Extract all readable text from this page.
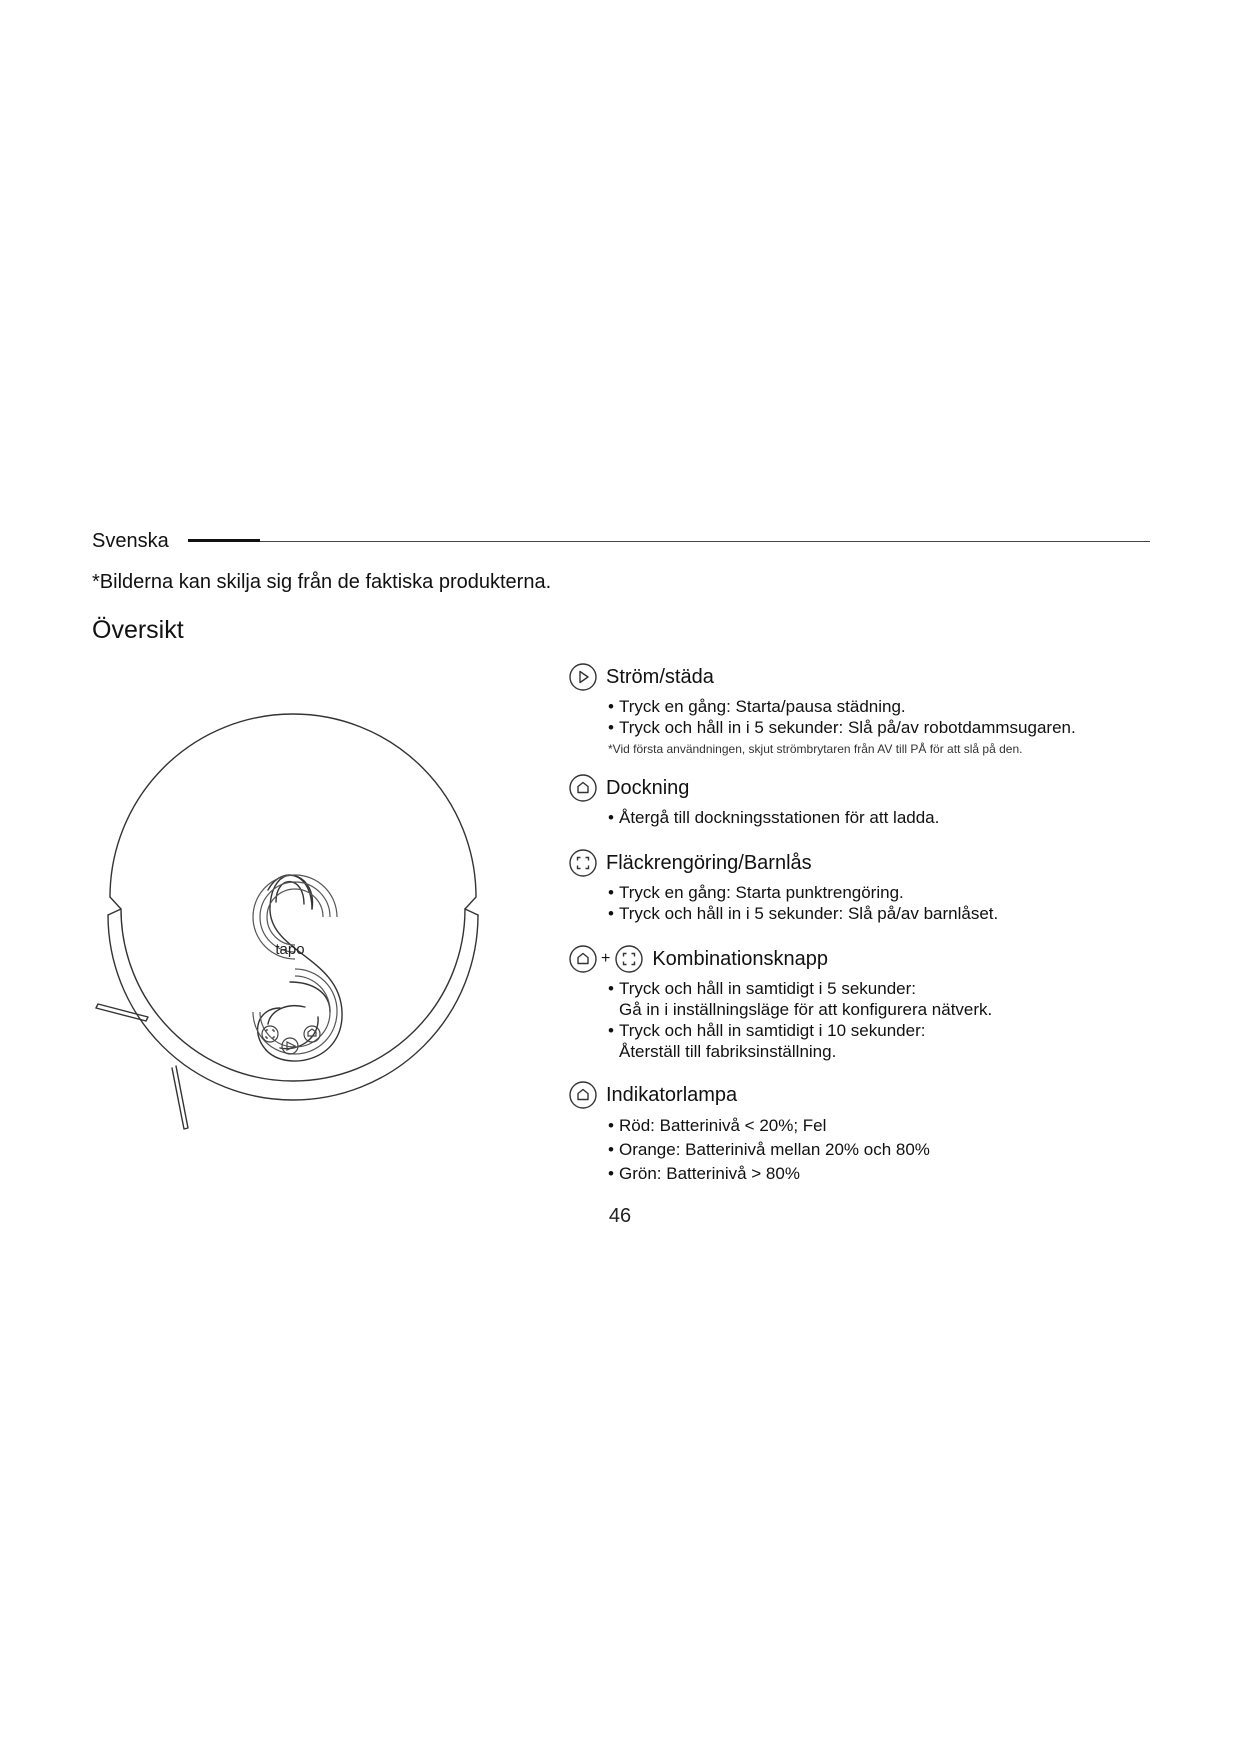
Svenska
*Bilderna kan skilja sig från de faktiska produkterna.
Översikt
tapo
Ström/städa
• Tryck en gång: Starta/pausa städning.
• Tryck och håll in i 5 sekunder: Slå på/av robotdammsugaren.
*Vid första användningen, skjut strömbrytaren från AV till PÅ för att slå på den.
Dockning
• Återgå till dockningsstationen för att ladda.
Fläckrengöring/Barnlås
• Tryck en gång: Starta punktrengöring.
• Tryck och håll in i 5 sekunder: Slå på/av barnlåset.
+ Kombinationsknapp
• Tryck och håll in samtidigt i 5 sekunder:
Gå in i inställningsläge för att konfigurera nätverk.
• Tryck och håll in samtidigt i 10 sekunder:
Återställ till fabriksinställning.
Indikatorlampa
• Röd: Batterinivå < 20%; Fel
• Orange: Batterinivå mellan 20% och 80%
• Grön: Batterinivå > 80%
46
